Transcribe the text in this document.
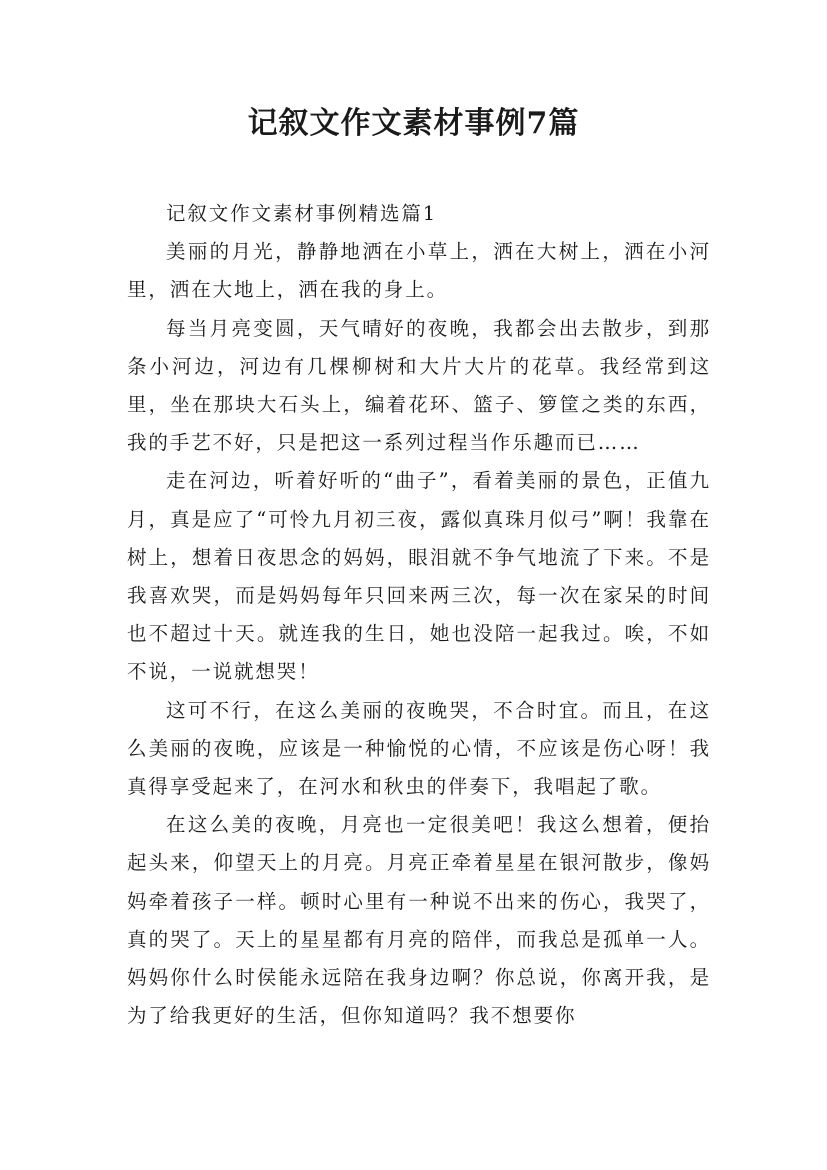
记叙文作文素材事例7篇

记叙文作文素材事例精选篇1

美丽的月光，静静地洒在小草上，洒在大树上，洒在小河里，洒在大地上，洒在我的身上。

每当月亮变圆，天气晴好的夜晚，我都会出去散步，到那条小河边，河边有几棵柳树和大片大片的花草。我经常到这里，坐在那块大石头上，编着花环、篮子、箩筐之类的东西，我的手艺不好，只是把这一系列过程当作乐趣而已……

走在河边，听着好听的“曲子”，看着美丽的景色，正值九月，真是应了“可怜九月初三夜，露似真珠月似弓”啊！我靠在树上，想着日夜思念的妈妈，眼泪就不争气地流了下来。不是我喜欢哭，而是妈妈每年只回来两三次，每一次在家呆的时间也不超过十天。就连我的生日，她也没陪一起我过。唉，不如不说，一说就想哭！

这可不行，在这么美丽的夜晚哭，不合时宜。而且，在这么美丽的夜晚，应该是一种愉悦的心情，不应该是伤心呀！我真得享受起来了，在河水和秋虫的伴奏下，我唱起了歌。

在这么美的夜晚，月亮也一定很美吧！我这么想着，便抬起头来，仰望天上的月亮。月亮正牵着星星在银河散步，像妈妈牵着孩子一样。顿时心里有一种说不出来的伤心，我哭了，真的哭了。天上的星星都有月亮的陪伴，而我总是孤单一人。妈妈你什么时侯能永远陪在我身边啊？你总说，你离开我，是为了给我更好的生活，但你知道吗？我不想要你
